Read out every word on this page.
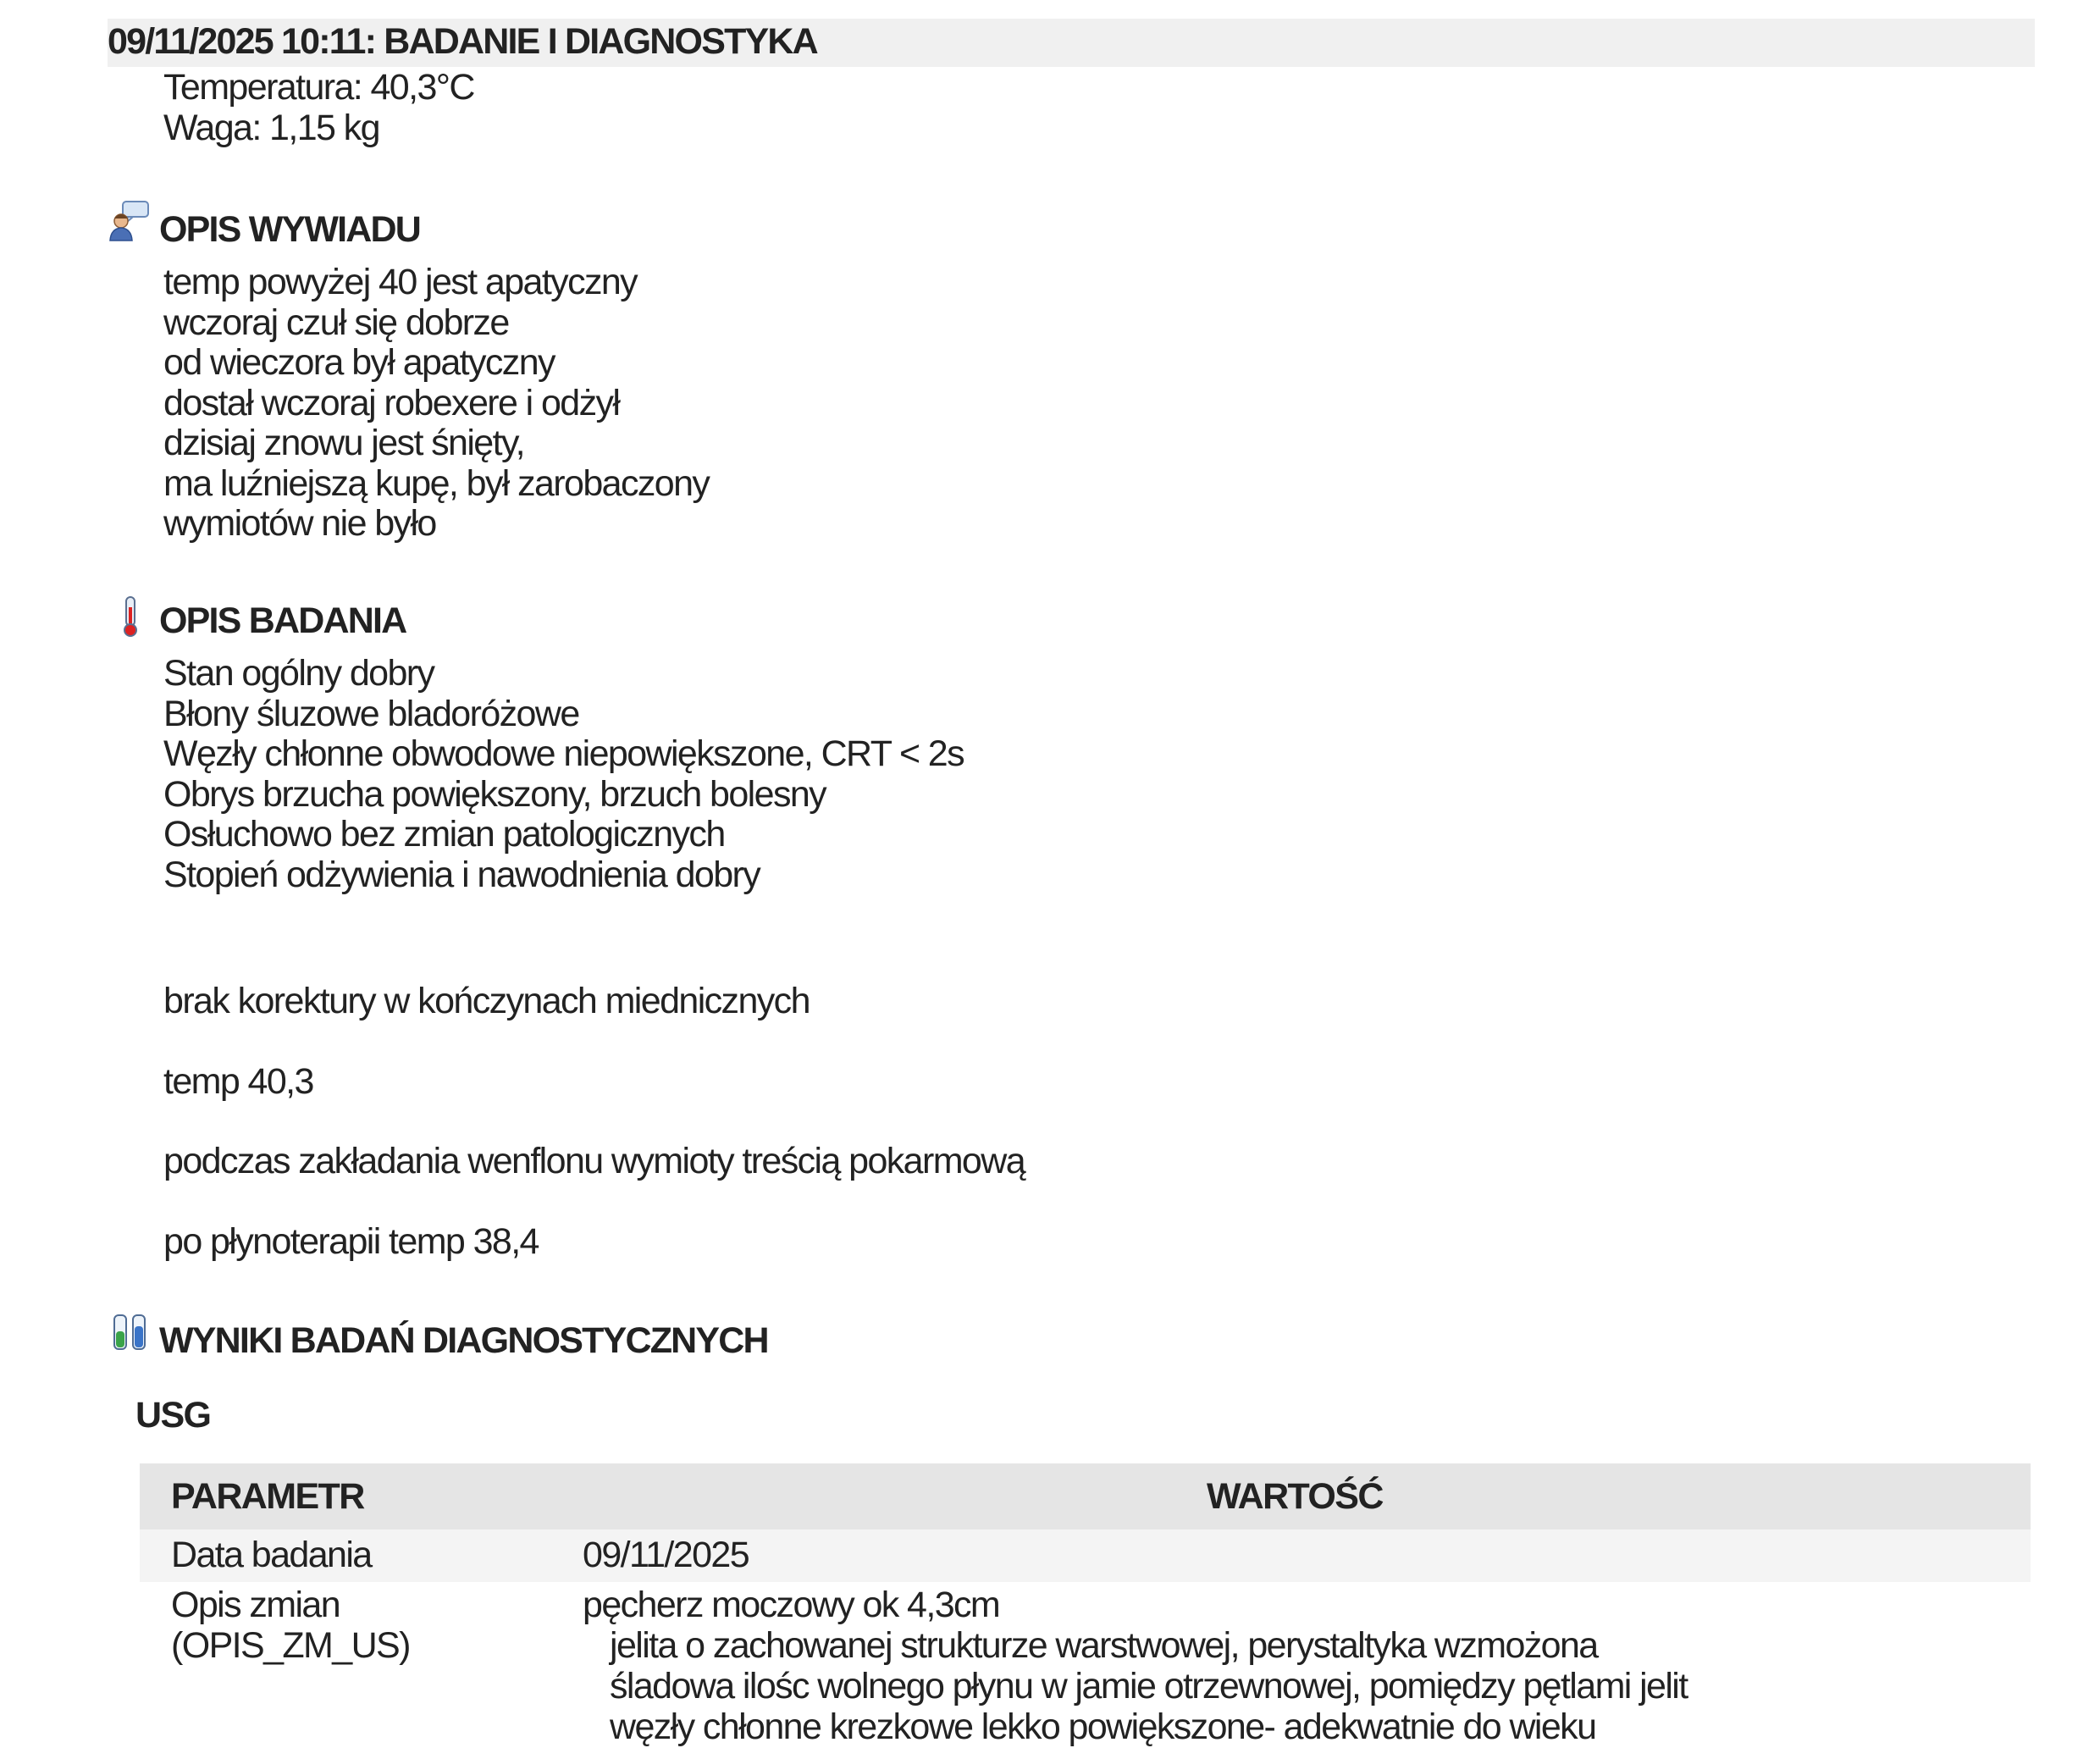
09/11/2025 10:11: BADANIE I DIAGNOSTYKA
Temperatura: 40,3°C
Waga: 1,15 kg
OPIS WYWIADU
temp powyżej 40 jest apatyczny
wczoraj czuł się dobrze
od wieczora był apatyczny
dostał wczoraj robexere i odżył
dzisiaj znowu jest śnięty,
ma luźniejszą kupę, był zarobaczony
wymiotów nie było
OPIS BADANIA
Stan ogólny dobry
Błony śluzowe bladoróżowe
Węzły chłonne obwodowe niepowiększone, CRT < 2s
Obrys brzucha powiększony, brzuch bolesny
Osłuchowo bez zmian patologicznych
Stopień odżywienia i nawodnienia dobry
brak korektury w kończynach miednicznych
temp 40,3
podczas zakładania wenflonu wymioty treścią pokarmową
po płynoterapii temp 38,4
WYNIKI BADAŃ DIAGNOSTYCZNYCH
USG
PARAMETR	WARTOŚĆ
Data badania	09/11/2025
Opis zmian
(OPIS_ZM_US)
pęcherz moczowy ok 4,3cm
jelita o zachowanej strukturze warstwowej, perystaltyka wzmożona
śladowa ilośc wolnego płynu w jamie otrzewnowej, pomiędzy pętlami jelit
węzły chłonne krezkowe lekko powiększone- adekwatnie do wieku
